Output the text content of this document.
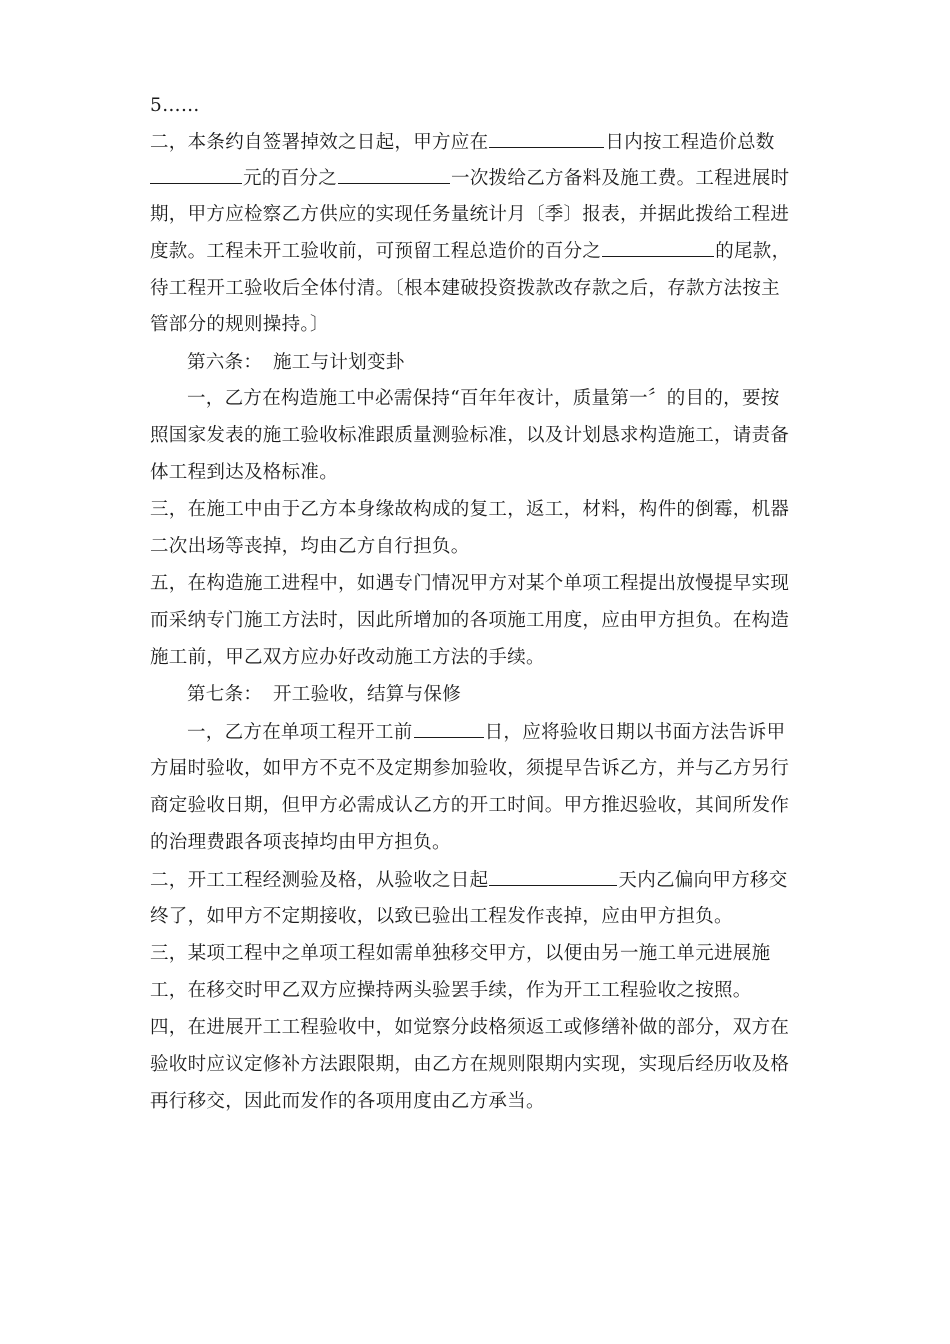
5……
二，本条约自签署掉效之日起，甲方应在	日内按工程造价总数
元的百分之	一次拨给乙方备料及施工费。工程进展时
期，甲方应检察乙方供应的实现任务量统计月〔季〕报表，并据此拨给工程进
度款。工程未开工验收前，可预留工程总造价的百分之	的尾款，
待工程开工验收后全体付清。〔根本建破投资拨款改存款之后，存款方法按主
管部分的规则操持。〕
第六条： 施工与计划变卦
一，乙方在构造施工中必需保持“百年年夜计，质量第一〞的目的，要按
照国家发表的施工验收标准跟质量测验标准，以及计划恳求构造施工，请责备
体工程到达及格标准。
三，在施工中由于乙方本身缘故构成的复工，返工，材料，构件的倒霉，机器
二次出场等丧掉，均由乙方自行担负。
五，在构造施工进程中，如遇专门情况甲方对某个单项工程提出放慢提早实现
而采纳专门施工方法时，因此所增加的各项施工用度，应由甲方担负。在构造
施工前，甲乙双方应办好改动施工方法的手续。
第七条： 开工验收，结算与保修
一，乙方在单项工程开工前	日，应将验收日期以书面方法告诉甲
方届时验收，如甲方不克不及定期参加验收，须提早告诉乙方，并与乙方另行
商定验收日期，但甲方必需成认乙方的开工时间。甲方推迟验收，其间所发作
的治理费跟各项丧掉均由甲方担负。
二，开工工程经测验及格，从验收之日起	天内乙偏向甲方移交
终了，如甲方不定期接收，以致已验出工程发作丧掉，应由甲方担负。
三，某项工程中之单项工程如需单独移交甲方，以便由另一施工单元进展施
工，在移交时甲乙双方应操持两头验罢手续，作为开工工程验收之按照。
四，在进展开工工程验收中，如觉察分歧格须返工或修缮补做的部分，双方在
验收时应议定修补方法跟限期，由乙方在规则限期内实现，实现后经历收及格
再行移交，因此而发作的各项用度由乙方承当。
